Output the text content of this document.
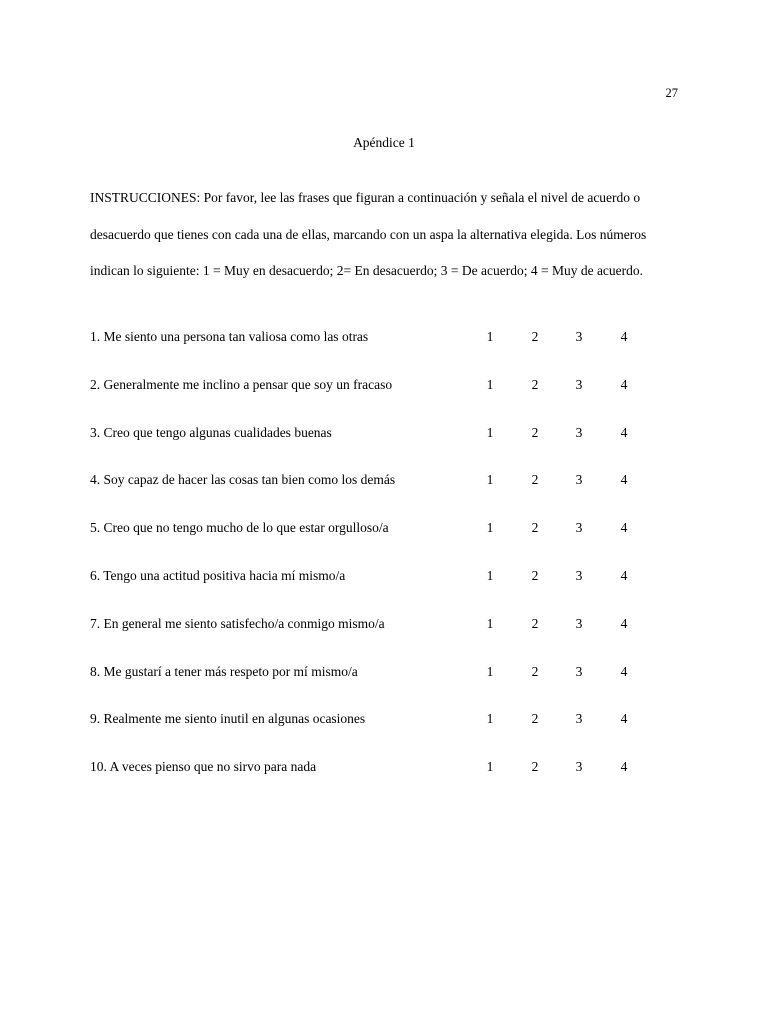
27
Apéndice 1

INSTRUCCIONES: Por favor, lee las frases que figuran a continuación y señala el nivel de acuerdo o desacuerdo que tienes con cada una de ellas, marcando con un aspa la alternativa elegida. Los números indican lo siguiente: 1 = Muy en desacuerdo; 2= En desacuerdo; 3 = De acuerdo; 4 = Muy de acuerdo.

1. Me siento una persona tan valiosa como las otras	1	2	3	4
2. Generalmente me inclino a pensar que soy un fracaso	1	2	3	4
3. Creo que tengo algunas cualidades buenas	1	2	3	4
4. Soy capaz de hacer las cosas tan bien como los demás	1	2	3	4
5. Creo que no tengo mucho de lo que estar orgulloso/a	1	2	3	4
6. Tengo una actitud positiva hacia mí mismo/a	1	2	3	4
7. En general me siento satisfecho/a conmigo mismo/a	1	2	3	4
8. Me gustarí a tener más respeto por mí mismo/a	1	2	3	4
9. Realmente me siento inutil en algunas ocasiones	1	2	3	4
10. A veces pienso que no sirvo para nada	1	2	3	4
